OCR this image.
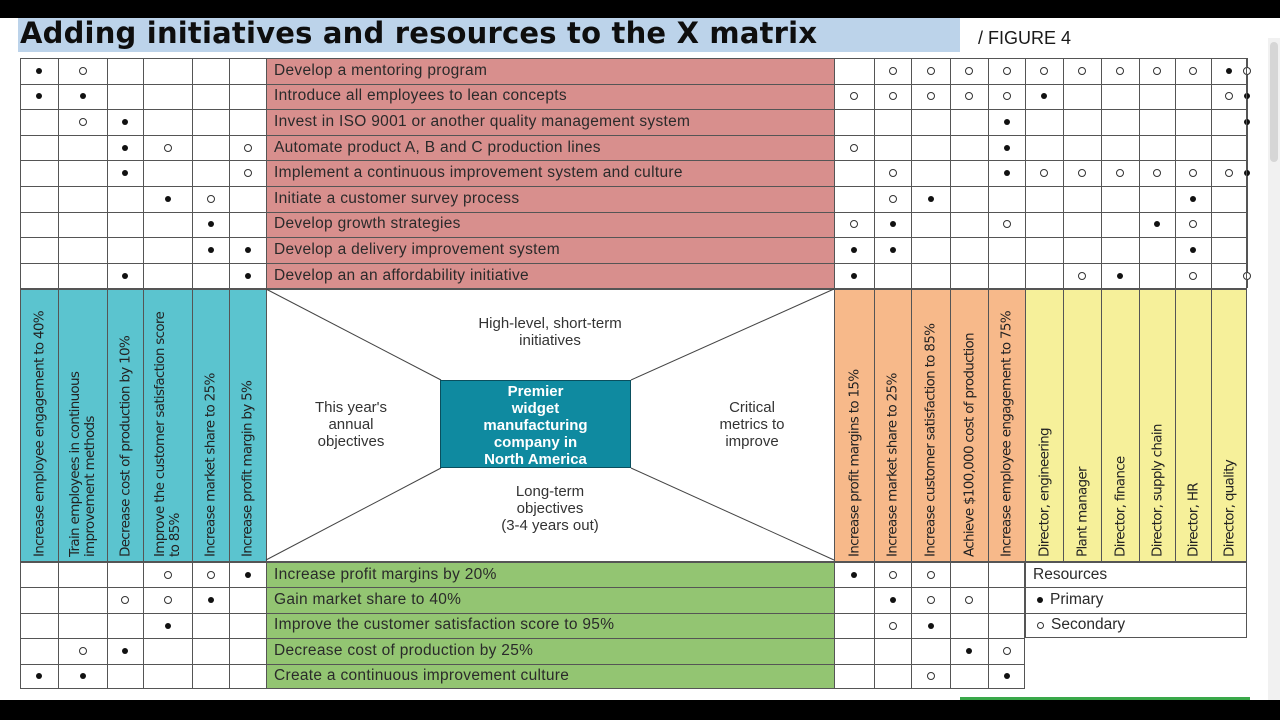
Adding initiatives and resources to the X matrix	/ FIGURE 4
Develop a mentoring program
Introduce all employees to lean concepts
Invest in ISO 9001 or another quality management system
Automate product A, B and C production lines
Implement a continuous improvement system and culture
Initiate a customer survey process
Develop growth strategies
Develop a delivery improvement system
Develop an an affordability initiative
Increase employee engagement to 40% Train employees in continuous improvement methods Decrease cost of production by 10% Improve the customer satisfaction score to 85% Increase market share to 25% Increase profit margin by 5%	Increase profit margins to 15% Increase market share to 25% Increase customer satisfaction to 85% Achieve $100,000 cost of production Increase employee engagement to 75% Director, engineering Plant manager Director, finance Director, supply chain Director, HR Director, quality
Increase profit margins by 20%
Gain market share to 40%
Improve the customer satisfaction score to 95%
Decrease cost of production by 25%
Create a continuous improvement culture
Resources
Primary
Secondary
High-level, short-term
initiatives
This year's
annual
objectives
Critical
metrics to
improve
Long-term
objectives
(3-4 years out)
Premier
widget
manufacturing
company in
North America
